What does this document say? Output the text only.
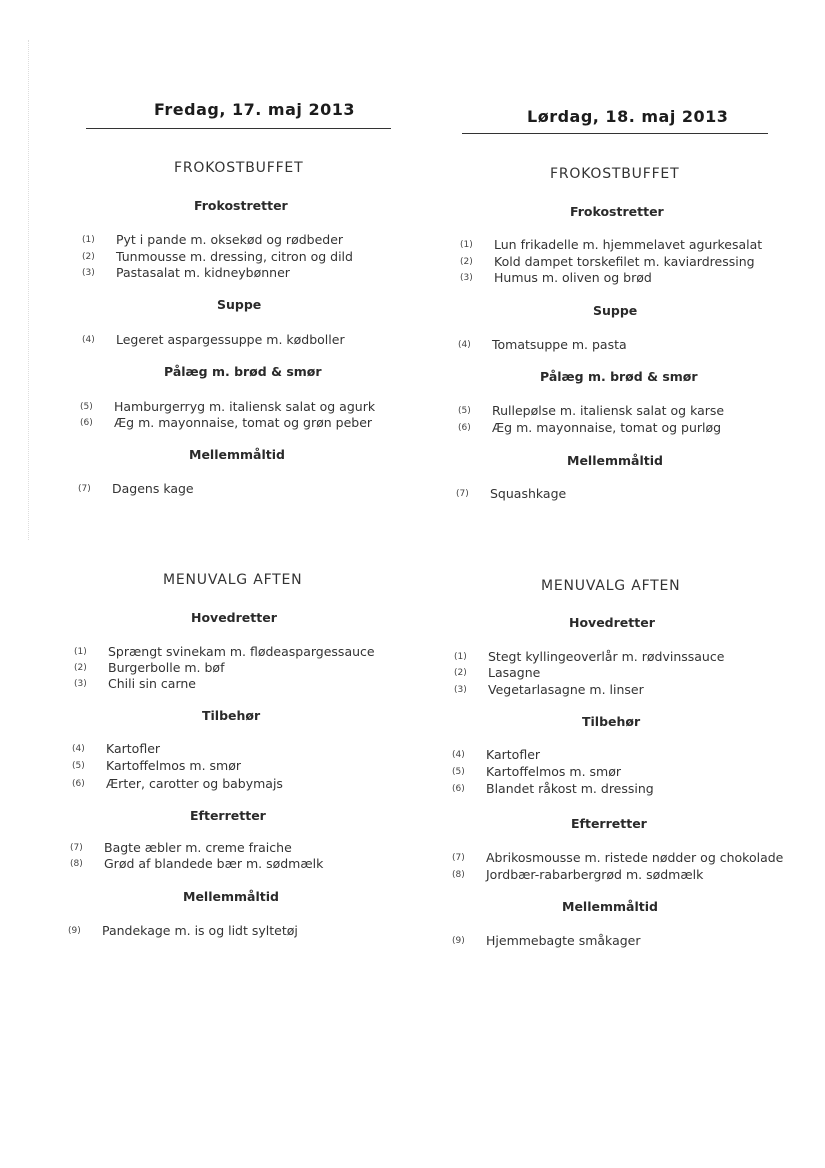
Fredag, 17. maj 2013
FROKOSTBUFFET
Frokostretter
(1) Pyt i pande m. oksekød og rødbeder
(2) Tunmousse m. dressing, citron og dild
(3) Pastasalat m. kidneybønner
Suppe
(4) Legeret aspargessuppe m. kødboller
Pålæg m. brød & smør
(5) Hamburgerryg m. italiensk salat og agurk
(6) Æg m. mayonnaise, tomat og grøn peber
Mellemmåltid
(7) Dagens kage
MENUVALG AFTEN
Hovedretter
(1) Sprængt svinekam m. flødeaspargessauce
(2) Burgerbolle m. bøf
(3) Chili sin carne
Tilbehør
(4) Kartofler
(5) Kartoffelmos m. smør
(6) Ærter, carotter og babymajs
Efterretter
(7) Bagte æbler m. creme fraiche
(8) Grød af blandede bær m. sødmælk
Mellemmåltid
(9) Pandekage m. is og lidt syltetøj
Lørdag, 18. maj 2013
FROKOSTBUFFET
Frokostretter
(1) Lun frikadelle m. hjemmelavet agurkesalat
(2) Kold dampet torskefilet m. kaviardressing
(3) Humus m. oliven og brød
Suppe
(4) Tomatsuppe m. pasta
Pålæg m. brød & smør
(5) Rullepølse m. italiensk salat og karse
(6) Æg m. mayonnaise, tomat og purløg
Mellemmåltid
(7) Squashkage
MENUVALG AFTEN
Hovedretter
(1) Stegt kyllingeoverlår m. rødvinssauce
(2) Lasagne
(3) Vegetarlasagne m. linser
Tilbehør
(4) Kartofler
(5) Kartoffelmos m. smør
(6) Blandet råkost m. dressing
Efterretter
(7) Abrikosmousse m. ristede nødder og chokolade
(8) Jordbær-rabarbergrød m. sødmælk
Mellemmåltid
(9) Hjemmebagte småkager
